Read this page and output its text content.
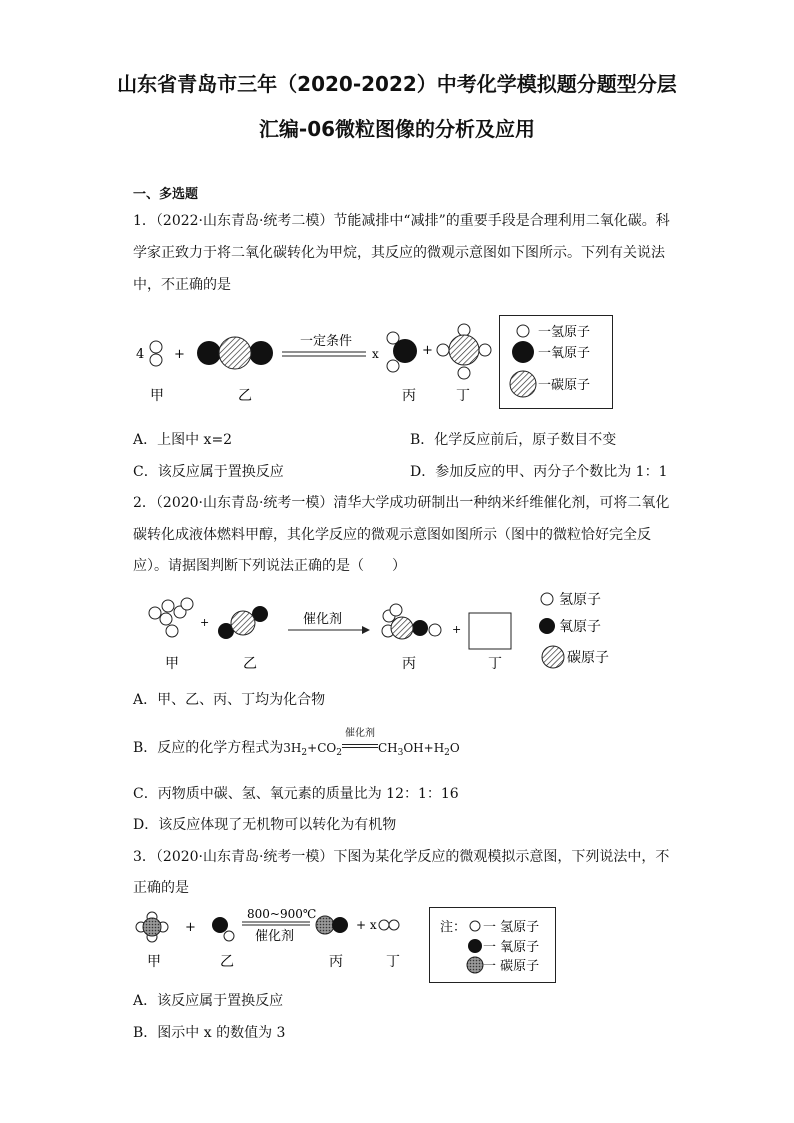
山东省青岛市三年（2020-2022）中考化学模拟题分题型分层
汇编-06微粒图像的分析及应用
一、多选题
1．（2022·山东青岛·统考二模）节能减排中“减排”的重要手段是合理利用二氧化碳。科
学家正致力于将二氧化碳转化为甲烷，其反应的微观示意图如下图所示。下列有关说法
中，不正确的是
4 +
一定条件
x	+
甲	乙	丙	丁
一氢原子
一氧原子
一碳原子
A．上图中 x=2	B．化学反应前后，原子数目不变
C．该反应属于置换反应	D．参加反应的甲、丙分子个数比为 1：1
2．（2020·山东青岛·统考一模）清华大学成功研制出一种纳米纤维催化剂，可将二氧化
碳转化成液体燃料甲醇，其化学反应的微观示意图如图所示（图中的微粒恰好完全反
应）。请据图判断下列说法正确的是（　　）
+	催化剂
+
甲	乙	丙	丁
氢原子
氧原子
碳原子
A．甲、乙、丙、丁均为化合物
B．反应的化学方程式为$3H_2+CO_2$
催化剂
$CH_3OH+H_2O$
C．丙物质中碳、氢、氧元素的质量比为 12：1：16
D．该反应体现了无机物可以转化为有机物
3．（2020·山东青岛·统考一模）下图为某化学反应的微观模拟示意图，下列说法中，不
正确的是
+
800~900℃
催化剂
+ x
甲	乙	丙	丁
注： 一 氢原子
一 氧原子
一 碳原子
A．该反应属于置换反应
B．图示中 x 的数值为 3
